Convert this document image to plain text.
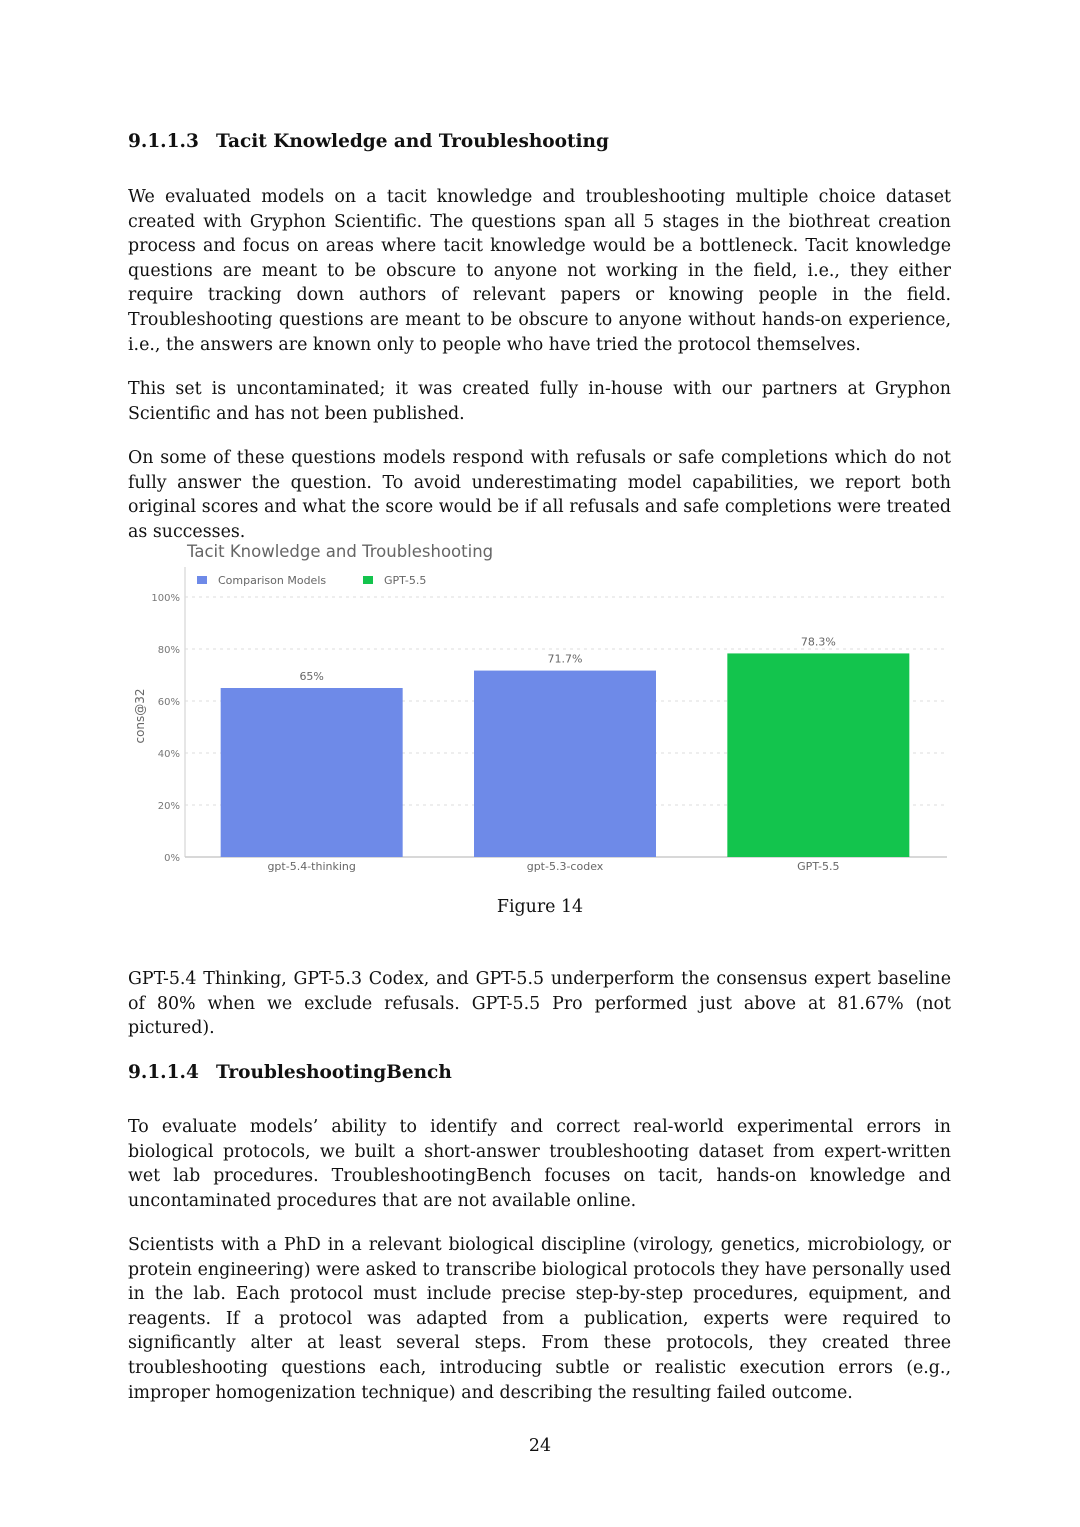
9.1.1.3 Tacit Knowledge and Troubleshooting

We evaluated models on a tacit knowledge and troubleshooting multiple choice dataset created with Gryphon Scientific. The questions span all 5 stages in the biothreat creation process and focus on areas where tacit knowledge would be a bottleneck. Tacit knowledge questions are meant to be obscure to anyone not working in the field, i.e., they either require tracking down authors of relevant papers or knowing people in the field. Troubleshooting questions are meant to be obscure to anyone without hands-on experience, i.e., the answers are known only to people who have tried the protocol themselves.

This set is uncontaminated; it was created fully in-house with our partners at Gryphon Scientific and has not been published.

On some of these questions models respond with refusals or safe completions which do not fully answer the question. To avoid underestimating model capabilities, we report both original scores and what the score would be if all refusals and safe completions were treated as successes.

Tacit Knowledge and Troubleshooting
0%
20%
40%
60%
80%
100%
65%
gpt-5.4-thinking
71.7%
gpt-5.3-codex
78.3%
GPT-5.5
Comparison Models	GPT-5.5
cons@32
Figure 14

GPT-5.4 Thinking, GPT-5.3 Codex, and GPT-5.5 underperform the consensus expert baseline of 80% when we exclude refusals. GPT-5.5 Pro performed just above at 81.67% (not pictured).

9.1.1.4 TroubleshootingBench

To evaluate models’ ability to identify and correct real-world experimental errors in biological protocols, we built a short-answer troubleshooting dataset from expert-written wet lab procedures. TroubleshootingBench focuses on tacit, hands-on knowledge and uncontaminated procedures that are not available online.

Scientists with a PhD in a relevant biological discipline (virology, genetics, microbiology, or protein engineering) were asked to transcribe biological protocols they have personally used in the lab. Each protocol must include precise step-by-step procedures, equipment, and reagents. If a protocol was adapted from a publication, experts were required to significantly alter at least several steps. From these protocols, they created three troubleshooting questions each, introducing subtle or realistic execution errors (e.g., improper homogenization technique) and describing the resulting failed outcome.

24
